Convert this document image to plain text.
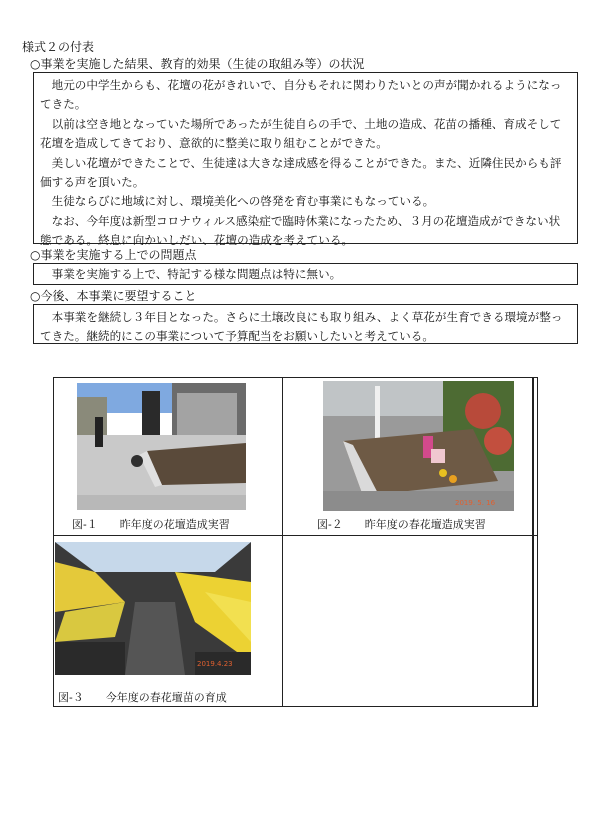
様式２の付表
○事業を実施した結果、教育的効果（生徒の取組み等）の状況

地元の中学生からも、花壇の花がきれいで、自分もそれに関わりたいとの声が聞かれるようになってきた。

以前は空き地となっていた場所であったが生徒自らの手で、土地の造成、花苗の播種、育成そして花壇を造成してきており、意欲的に整美に取り組むことができた。

美しい花壇ができたことで、生徒達は大きな達成感を得ることができた。また、近隣住民からも評価する声を頂いた。

生徒ならびに地域に対し、環境美化への啓発を育む事業にもなっている。

なお、今年度は新型コロナウィルス感染症で臨時休業になったため、３月の花壇造成ができない状態である。終息に向かいしだい、花壇の造成を考えている。

○事業を実施する上での問題点

事業を実施する上で、特記する様な問題点は特に無い。

○今後、本事業に要望すること

本事業を継続し３年目となった。さらに土壌改良にも取り組み、よく草花が生育できる環境が整ってきた。継続的にこの事業について予算配当をお願いしたいと考えている。

2019. 5. 16
2019.4.23
図-１　　昨年度の花壇造成実習	図-２　　昨年度の春花壇造成実習
図-３　　今年度の春花壇苗の育成
